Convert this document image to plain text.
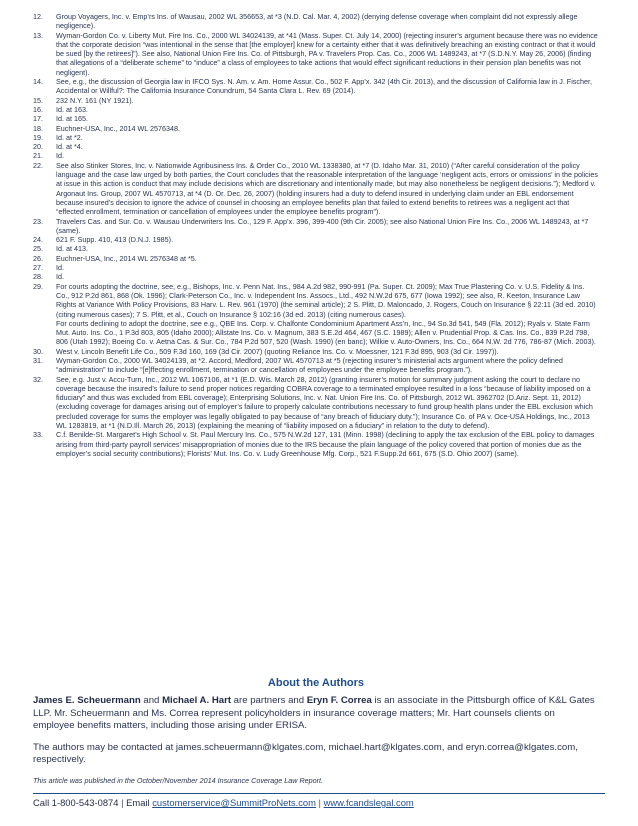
12. Group Voyagers, Inc. v. Emp’rs Ins. of Wausau, 2002 WL 356653, at *3 (N.D. Cal. Mar. 4, 2002) (denying defense coverage when complaint did not expressly allege negligence).
13. Wyman-Gordon Co. v. Liberty Mut. Fire Ins. Co., 2000 WL 34024139, at *41 (Mass. Super. Ct. July 14, 2000) (rejecting insurer’s argument because there was no evidence that the corporate decision “was intentional in the sense that [the employer] knew for a certainty either that it was definitively breaching an existing contract or that it would be sued [by the retirees]”). See also, National Union Fire Ins. Co. of Pittsburgh, PA v. Travelers Prop. Cas. Co., 2006 WL 1489243, at *7 (S.D.N.Y. May 26, 2006) (finding that allegations of a “deliberate scheme” to “induce” a class of employees to take actions that would effect significant reductions in their pension plan benefits was not negligent).
14. See, e.g., the discussion of Georgia law in IFCO Sys. N. Am. v. Am. Home Assur. Co., 502 F. App’x. 342 (4th Cir. 2013), and the discussion of California law in J. Fischer, Accidental or Willful?: The California Insurance Conundrum, 54 Santa Clara L. Rev. 69 (2014).
15. 232 N.Y. 161 (NY 1921).
16. Id. at 163.
17. Id. at 165.
18. Euchner-USA, Inc., 2014 WL 2576348.
19. Id. at *2.
20. Id. at *4.
21. Id.
22. See also Stinker Stores, Inc. v. Nationwide Agribusiness Ins. & Order Co., 2010 WL 1338380, at *7 (D. Idaho Mar. 31, 2010) (“After careful consideration of the policy language and the case law urged by both parties, the Court concludes that the reasonable interpretation of the language ‘negligent acts, errors or omissions’ in the policies at issue in this action is conduct that may include decisions which are discretionary and intentionally made, but may also nonetheless be negligent decisions.”); Medford v. Argonaut Ins. Group, 2007 WL 4570713, at *4 (D. Or. Dec. 26, 2007) (holding insurers had a duty to defend insured in underlying claim under an EBL endorsement because insured’s decision to ignore the advice of counsel in choosing an employee benefits plan that failed to extend benefits to retirees was a negligent act that “effected enrollment, termination or cancellation of employees under the employee benefits program”).
23. Travelers Cas. and Sur. Co. v. Wausau Underwriters Ins. Co., 129 F. App’x. 396, 399-400 (9th Cir. 2005); see also National Union Fire Ins. Co., 2006 WL 1489243, at *7 (same).
24. 621 F. Supp. 410, 413 (D.N.J. 1985).
25. Id. at 413.
26. Euchner-USA, Inc., 2014 WL 2576348 at *5.
27. Id.
28. Id.
29. For courts adopting the doctrine, see, e.g., Bishops, Inc. v. Penn Nat. Ins., 984 A.2d 982, 990-991 (Pa. Super. Ct. 2009); Max True Plastering Co. v. U.S. Fidelity & Ins. Co., 912 P.2d 861, 868 (Ok. 1996); Clark-Peterson Co., Inc. v. Independent Ins. Assocs., Ltd., 492 N.W.2d 675, 677 (Iowa 1992); see also, R. Keeton, Insurance Law Rights at Variance With Policy Provisions, 83 Harv. L. Rev. 961 (1970) (the seminal article); 2 S. Plitt, D. Maloncado, J. Rogers, Couch on Insurance § 22:11 (3d ed. 2010) (citing numerous cases); 7 S. Plitt, et al., Couch on Insurance § 102:16 (3d ed. 2013) (citing numerous cases).
For courts declining to adopt the doctrine, see e.g., QBE Ins. Corp. v. Chalfonte Condominium Apartment Ass’n, Inc., 94 So.3d 541, 549 (Fla. 2012); Ryals v. State Farm Mut. Auto. Ins. Co., 1 P.3d 803, 805 (Idaho 2000); Allstate Ins. Co. v. Magnum, 383 S.E.2d 464, 467 (S.C. 1989); Allen v. Prudential Prop. & Cas. Ins. Co., 839 P.2d 798, 806 (Utah 1992); Boeing Co. v. Aetna Cas. & Sur. Co., 784 P.2d 507, 520 (Wash. 1990) (en banc); Wilkie v. Auto-Owners, Ins. Co., 664 N.W. 2d 776, 786-87 (Mich. 2003).
30. West v. Lincoln Benefit Life Co., 509 F.3d 160, 169 (3d Cir. 2007) (quoting Reliance Ins. Co. v. Moessner, 121 F.3d 895, 903 (3d Cir. 1997)).
31. Wyman-Gordon Co., 2000 WL 34024139, at *2. Accord, Medford, 2007 WL 4570713 at *5 (rejecting insurer’s ministerial acts argument where the policy defined “administration” to include “[e]ffecting enrollment, termination or cancellation of employees under the employee benefits program.”).
32. See, e.g. Just v. Accu-Turn, Inc., 2012 WL 1067106, at *1 (E.D. Wis. March 28, 2012) (granting insurer’s motion for summary judgment asking the court to declare no coverage because the insured’s failure to send proper notices regarding COBRA coverage to a terminated employee resulted in a loss “because of liability imposed on a fiduciary” and thus was excluded from EBL coverage); Enterprising Solutions, Inc. v. Nat. Union Fire Ins. Co. of Pittsburgh, 2012 WL 3962702 (D.Ariz. Sept. 11, 2012) (excluding coverage for damages arising out of employer’s failure to properly calculate contributions necessary to fund group health plans under the EBL exclusion which precluded coverage for sums the employer was legally obligated to pay because of “any breach of fiduciary duty.”); Insurance Co. of PA v. Oce-USA Holdings, Inc., 2013 WL 1283819, at *1 (N.D.Ill. March 26, 2013) (explaining the meaning of “liability imposed on a fiduciary” in relation to the duty to defend).
33. C.f. Benilde-St. Margaret’s High School v. St. Paul Mercury Ins. Co., 575 N.W.2d 127, 131 (Minn. 1998) (declining to apply the tax exclusion of the EBL policy to damages arising from third-party payroll services’ misappropriation of monies due to the IRS because the plain language of the policy covered that portion of monies due as the employer’s social security contributions); Florists’ Mut. Ins. Co. v. Ludy Greenhouse Mfg. Corp., 521 F.Supp.2d 661, 675 (S.D. Ohio 2007) (same).
About the Authors

James E. Scheuermann and Michael A. Hart are partners and Eryn F. Correa is an associate in the Pittsburgh office of K&L Gates LLP. Mr. Scheuermann and Ms. Correa represent policyholders in insurance coverage matters; Mr. Hart counsels clients on employee benefits matters, including those arising under ERISA.

The authors may be contacted at james.scheuermann@klgates.com, michael.hart@klgates.com, and eryn.correa@klgates.com, respectively.

This article was published in the October/November 2014 Insurance Coverage Law Report.

Call 1-800-543-0874 | Email customerservice@SummitProNets.com | www.fcandslegal.com
